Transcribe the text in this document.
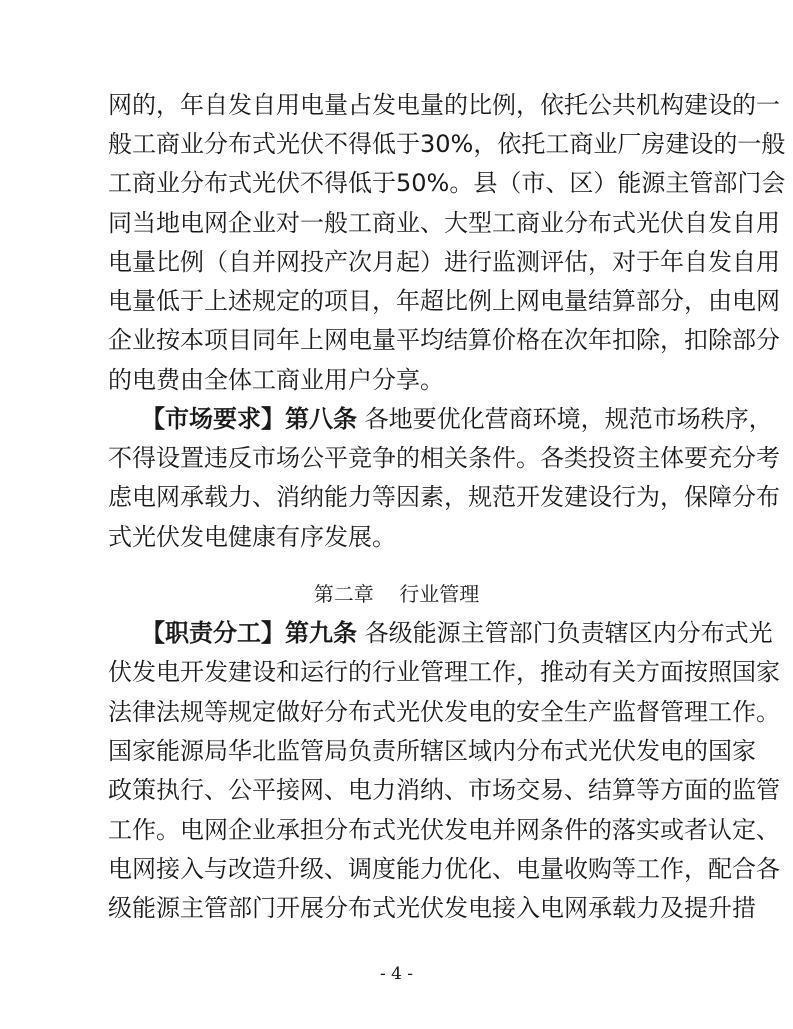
网的，年自发自用电量占发电量的比例，依托公共机构建设的一
般工商业分布式光伏不得低于30%，依托工商业厂房建设的一般
工商业分布式光伏不得低于50%。县（市、区）能源主管部门会
同当地电网企业对一般工商业、大型工商业分布式光伏自发自用
电量比例（自并网投产次月起）进行监测评估，对于年自发自用
电量低于上述规定的项目，年超比例上网电量结算部分，由电网
企业按本项目同年上网电量平均结算价格在次年扣除，扣除部分
的电费由全体工商业用户分享。
【市场要求】第八条 各地要优化营商环境，规范市场秩序，
不得设置违反市场公平竞争的相关条件。各类投资主体要充分考
虑电网承载力、消纳能力等因素，规范开发建设行为，保障分布
式光伏发电健康有序发展。
第二章    行业管理
【职责分工】第九条 各级能源主管部门负责辖区内分布式光
伏发电开发建设和运行的行业管理工作，推动有关方面按照国家
法律法规等规定做好分布式光伏发电的安全生产监督管理工作。
国家能源局华北监管局负责所辖区域内分布式光伏发电的国家
政策执行、公平接网、电力消纳、市场交易、结算等方面的监管
工作。电网企业承担分布式光伏发电并网条件的落实或者认定、
电网接入与改造升级、调度能力优化、电量收购等工作，配合各
级能源主管部门开展分布式光伏发电接入电网承载力及提升措
- 4 -
